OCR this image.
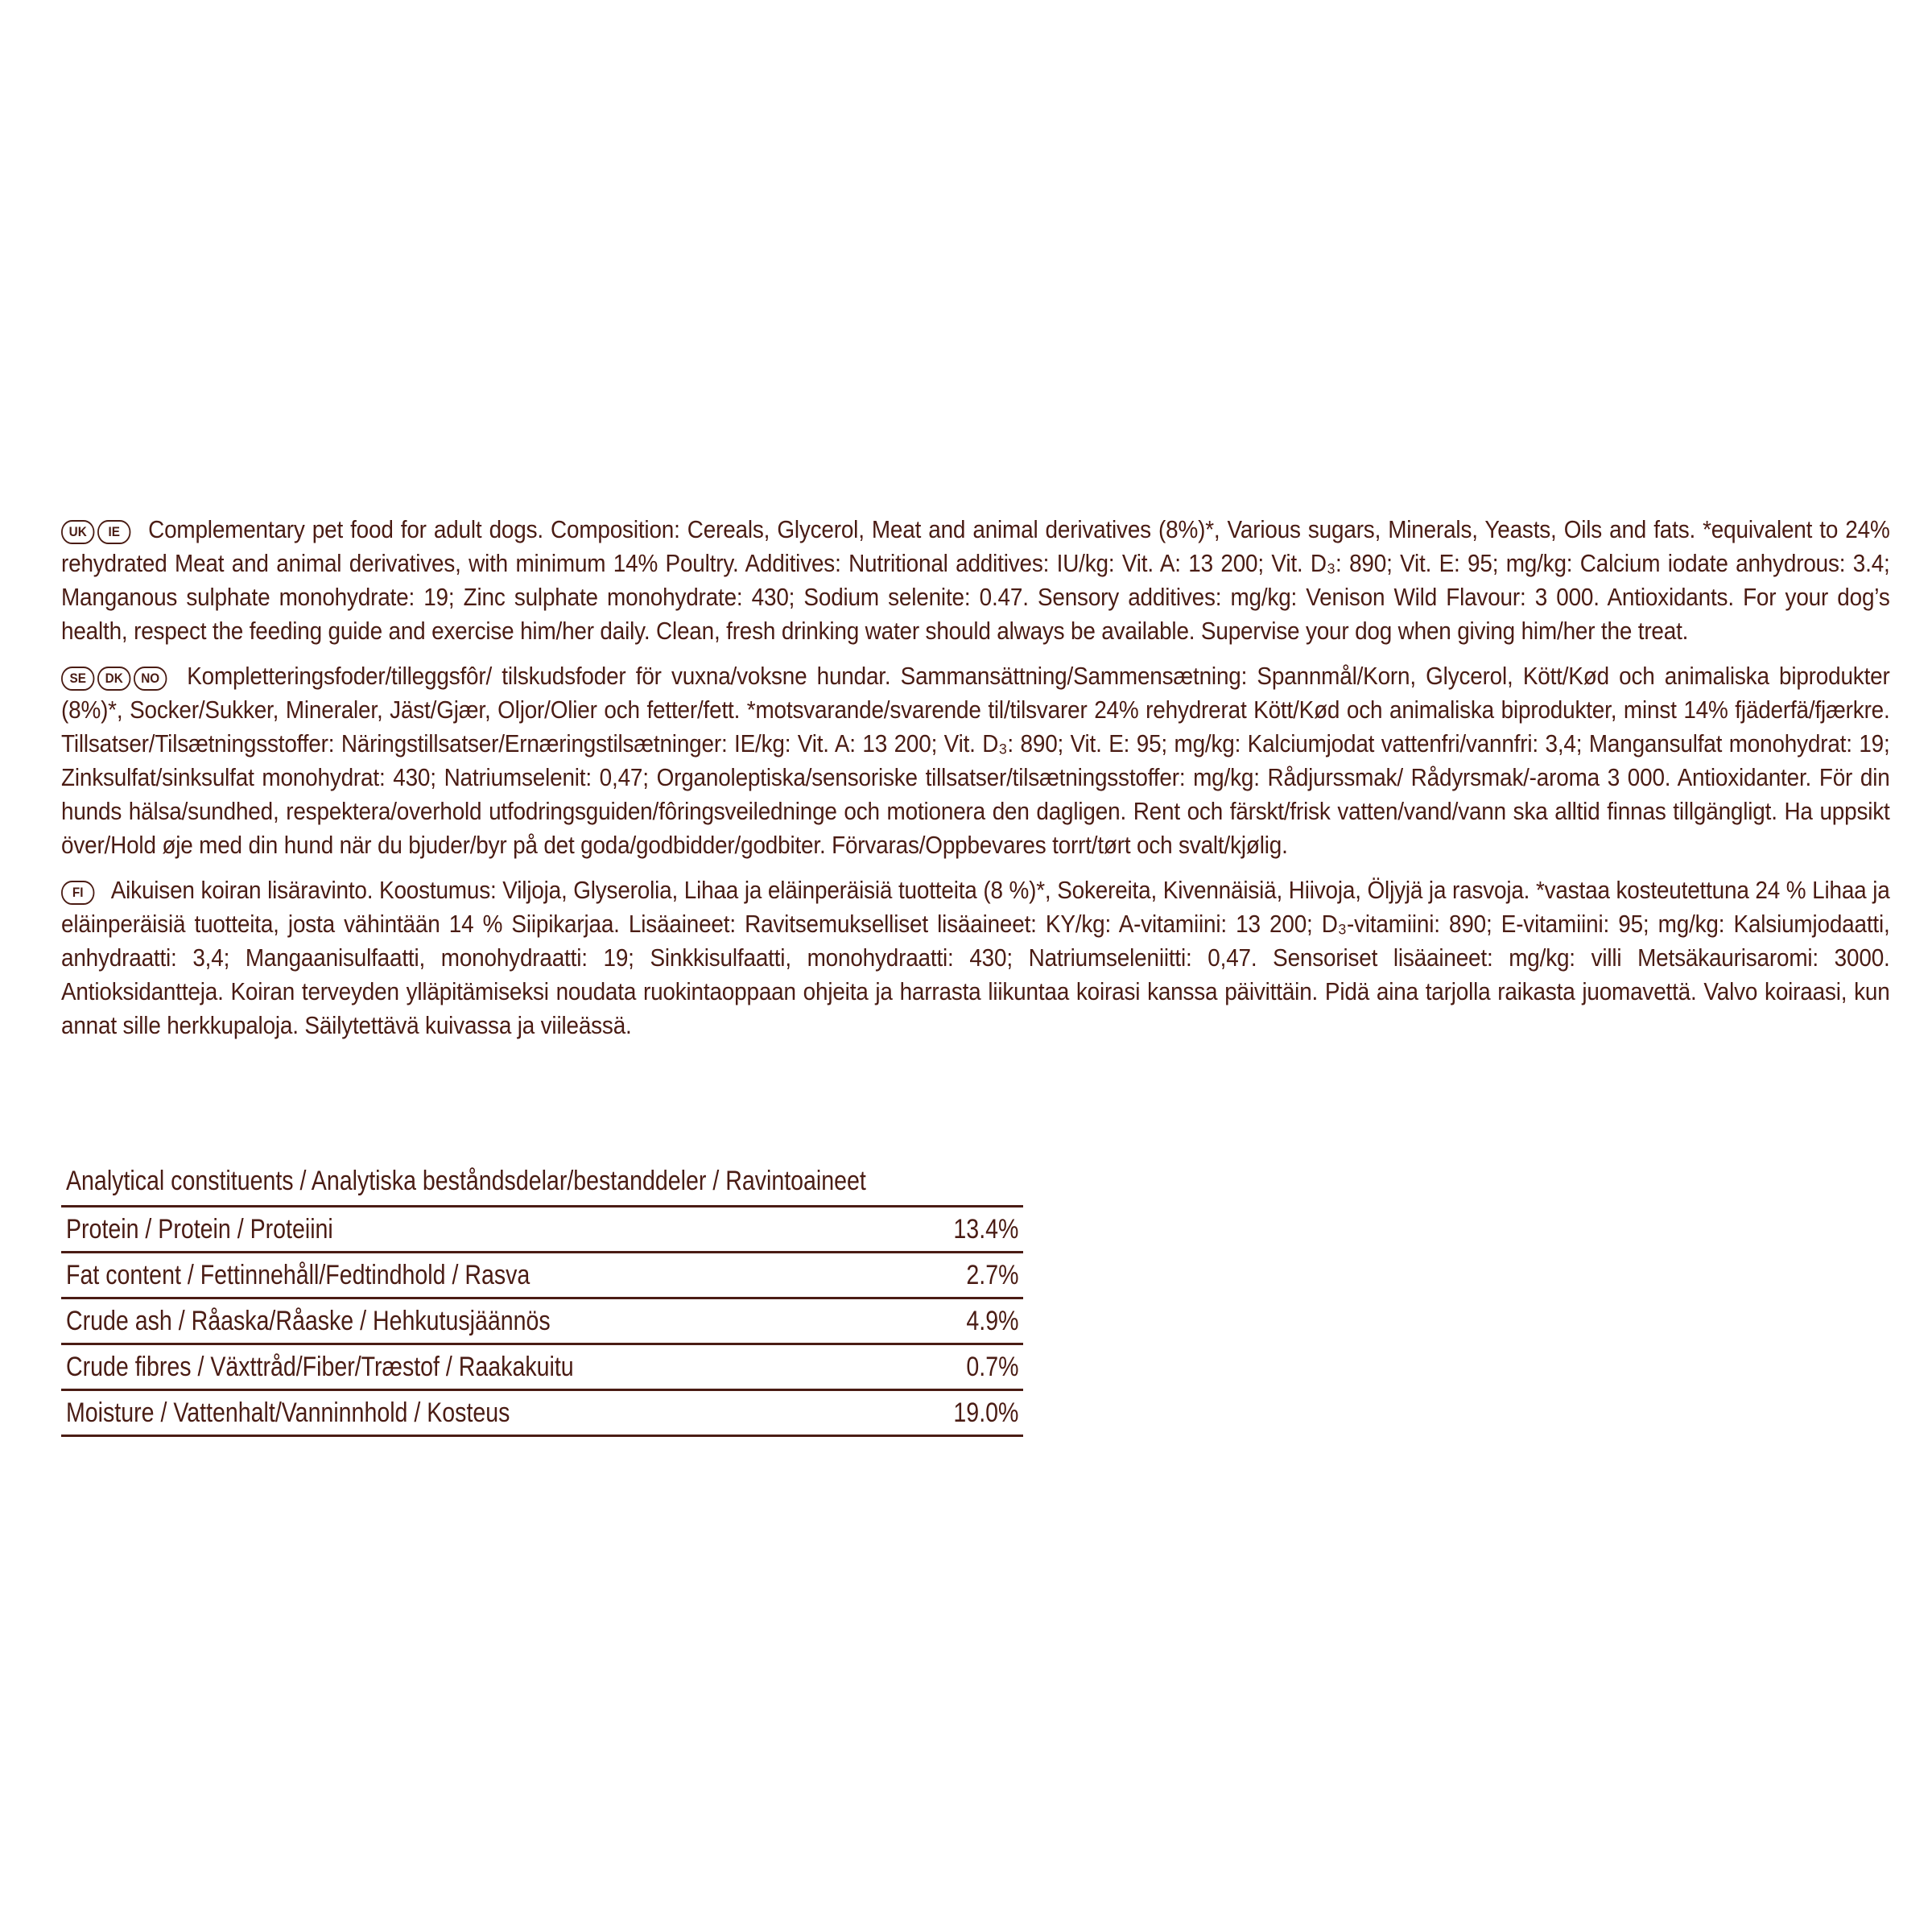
UK IE Complementary pet food for adult dogs. Composition: Cereals, Glycerol, Meat and animal derivatives (8%)*, Various sugars, Minerals, Yeasts, Oils and fats. *equivalent to 24% rehydrated Meat and animal derivatives, with minimum 14% Poultry. Additives: Nutritional additives: IU/kg: Vit. A: 13 200; Vit. D₃: 890; Vit. E: 95; mg/kg: Calcium iodate anhydrous: 3.4; Manganous sulphate monohydrate: 19; Zinc sulphate monohydrate: 430; Sodium selenite: 0.47. Sensory additives: mg/kg: Venison Wild Flavour: 3 000. Antioxidants. For your dog’s health, respect the feeding guide and exercise him/her daily. Clean, fresh drinking water should always be available. Supervise your dog when giving him/her the treat.

SE DK NO Kompletteringsfoder/tilleggsfôr/ tilskudsfoder för vuxna/voksne hundar. Sammansättning/Sammensætning: Spannmål/Korn, Glycerol, Kött/Kød och animaliska biprodukter (8%)*, Socker/Sukker, Mineraler, Jäst/Gjær, Oljor/Olier och fetter/fett. *motsvarande/svarende til/tilsvarer 24% rehydrerat Kött/Kød och animaliska biprodukter, minst 14% fjäderfä/fjærkre. Tillsatser/Tilsætningsstoffer: Näringstillsatser/Ernæringstilsætninger: IE/kg: Vit. A: 13 200; Vit. D₃: 890; Vit. E: 95; mg/kg: Kalciumjodat vattenfri/vannfri: 3,4; Mangansulfat monohydrat: 19; Zinksulfat/sinksulfat monohydrat: 430; Natriumselenit: 0,47; Organoleptiska/sensoriske tillsatser/tilsætningsstoffer: mg/kg: Rådjurssmak/ Rådyrsmak/-aroma 3 000. Antioxidanter. För din hunds hälsa/sundhed, respektera/overhold utfodringsguiden/fôringsveiledninge och motionera den dagligen. Rent och färskt/frisk vatten/vand/vann ska alltid finnas tillgängligt. Ha uppsikt över/Hold øje med din hund när du bjuder/byr på det goda/godbidder/godbiter. Förvaras/Oppbevares torrt/tørt och svalt/kjølig.

FI Aikuisen koiran lisäravinto. Koostumus: Viljoja, Glyserolia, Lihaa ja eläinperäisiä tuotteita (8 %)*, Sokereita, Kivennäisiä, Hiivoja, Öljyjä ja rasvoja. *vastaa kosteutettuna 24 % Lihaa ja eläinperäisiä tuotteita, josta vähintään 14 % Siipikarjaa. Lisäaineet: Ravitsemukselliset lisäaineet: KY/kg: A-vitamiini: 13 200; D₃-vitamiini: 890; E-vitamiini: 95; mg/kg: Kalsiumjodaatti, anhydraatti: 3,4; Mangaanisulfaatti, monohydraatti: 19; Sinkkisulfaatti, monohydraatti: 430; Natriumseleniitti: 0,47. Sensoriset lisäaineet: mg/kg: villi Metsäkaurisaromi: 3000. Antioksidantteja. Koiran terveyden ylläpitämiseksi noudata ruokintaoppaan ohjeita ja harrasta liikuntaa koirasi kanssa päivittäin. Pidä aina tarjolla raikasta juomavettä. Valvo koiraasi, kun annat sille herkkupaloja. Säilytettävä kuivassa ja viileässä.

Analytical constituents / Analytiska beståndsdelar/bestanddeler / Ravintoaineet	
Protein / Protein / Proteiini	13.4%
Fat content / Fettinnehåll/Fedtindhold / Rasva	2.7%
Crude ash / Råaska/Råaske / Hehkutusjäännös	4.9%
Crude fibres / Växttråd/Fiber/Træstof / Raakakuitu	0.7%
Moisture / Vattenhalt/Vanninnhold / Kosteus	19.0%
